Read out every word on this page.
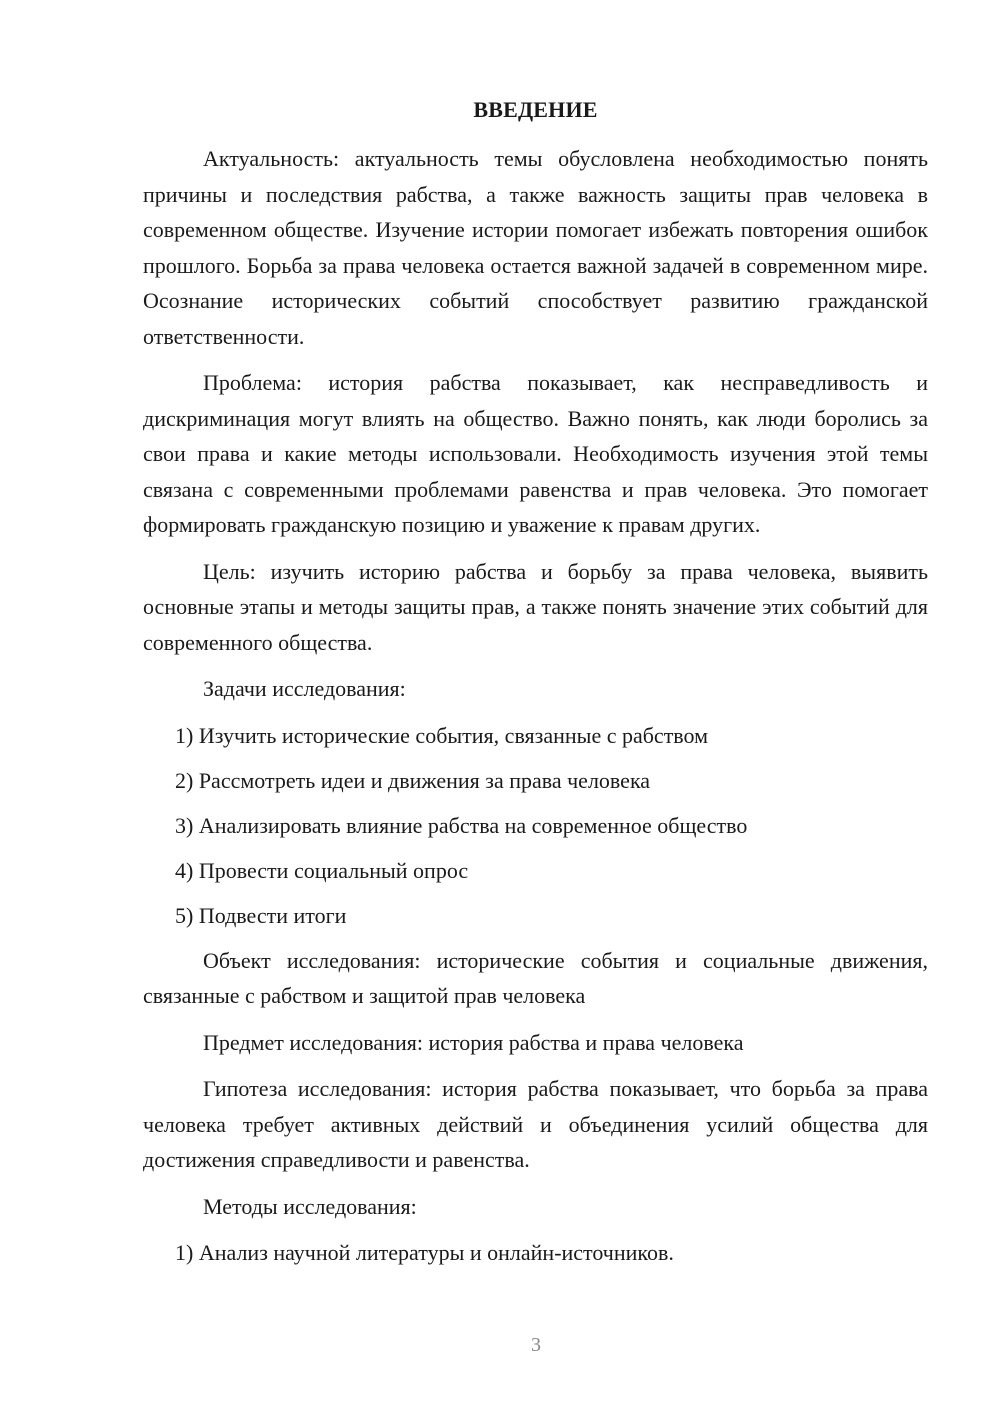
ВВЕДЕНИЕ

Актуальность: актуальность темы обусловлена необходимостью понять причины и последствия рабства, а также важность защиты прав человека в современном обществе. Изучение истории помогает избежать повторения ошибок прошлого. Борьба за права человека остается важной задачей в современном мире. Осознание исторических событий способствует развитию гражданской ответственности.

Проблема: история рабства показывает, как несправедливость и дискриминация могут влиять на общество. Важно понять, как люди боролись за свои права и какие методы использовали. Необходимость изучения этой темы связана с современными проблемами равенства и прав человека. Это помогает формировать гражданскую позицию и уважение к правам других.

Цель: изучить историю рабства и борьбу за права человека, выявить основные этапы и методы защиты прав, а также понять значение этих событий для современного общества.

Задачи исследования:

1) Изучить исторические события, связанные с рабством

2) Рассмотреть идеи и движения за права человека

3) Анализировать влияние рабства на современное общество

4) Провести социальный опрос

5) Подвести итоги

Объект исследования: исторические события и социальные движения, связанные с рабством и защитой прав человека

Предмет исследования: история рабства и права человека

Гипотеза исследования: история рабства показывает, что борьба за права человека требует активных действий и объединения усилий общества для достижения справедливости и равенства.

Методы исследования:

1) Анализ научной литературы и онлайн-источников.

3
